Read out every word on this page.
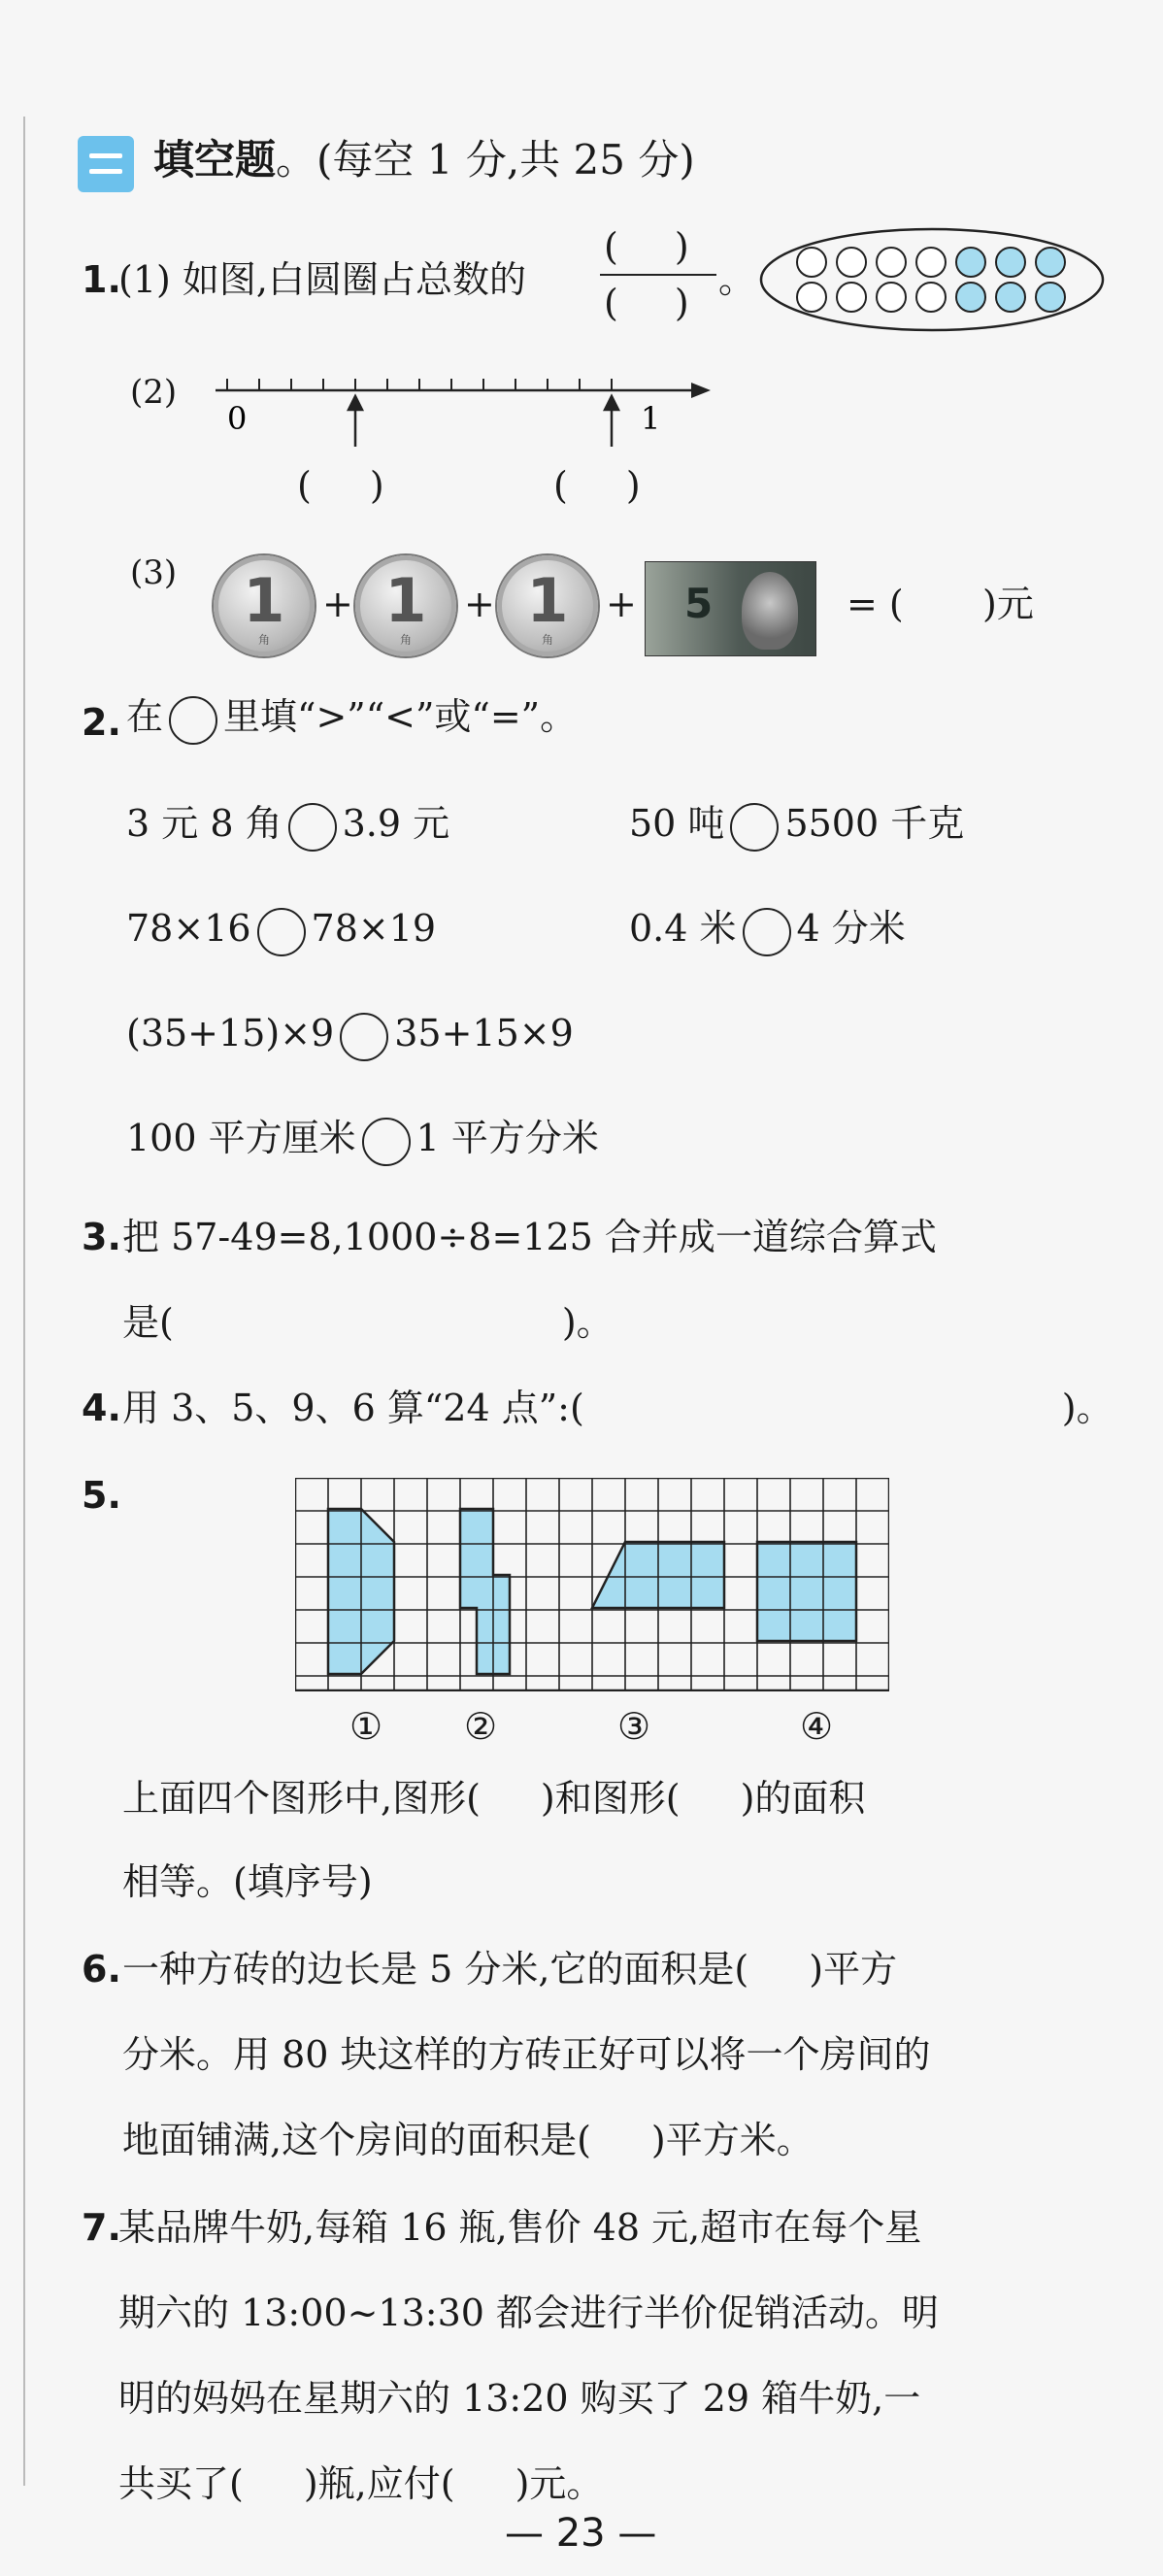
填空题。(每空 1 分,共 25 分)
1.
(1) 如图,白圆圈占总数的
( )
( )
。
(2)
0	1
( )	( )
(3)	1
角
+ 1
角
+ 1
角
+ 5	= ( )元
2. 在 里填“>”“<”或“=”。
3 元 8 角 3.9 元	50 吨 5500 千克
78×16 78×19	0.4 米 4 分米
(35+15)×9 35+15×9
100 平方厘米 1 平方分米
3. 把 57-49=8,1000÷8=125 合并成一道综合算式
是(	)。
4. 用 3、5、9、6 算“24 点”:(	)。
5.
① ②	③	④
上面四个图形中,图形( )和图形( )的面积
相等。(填序号)
6. 一种方砖的边长是 5 分米,它的面积是( )平方
分米。用 80 块这样的方砖正好可以将一个房间的
地面铺满,这个房间的面积是( )平方米。
7.
某品牌牛奶,每箱 16 瓶,售价 48 元,超市在每个星
期六的 13:00~13:30 都会进行半价促销活动。明
明的妈妈在星期六的 13:20 购买了 29 箱牛奶,一
共买了( )瓶,应付( )元。
— 23 —
